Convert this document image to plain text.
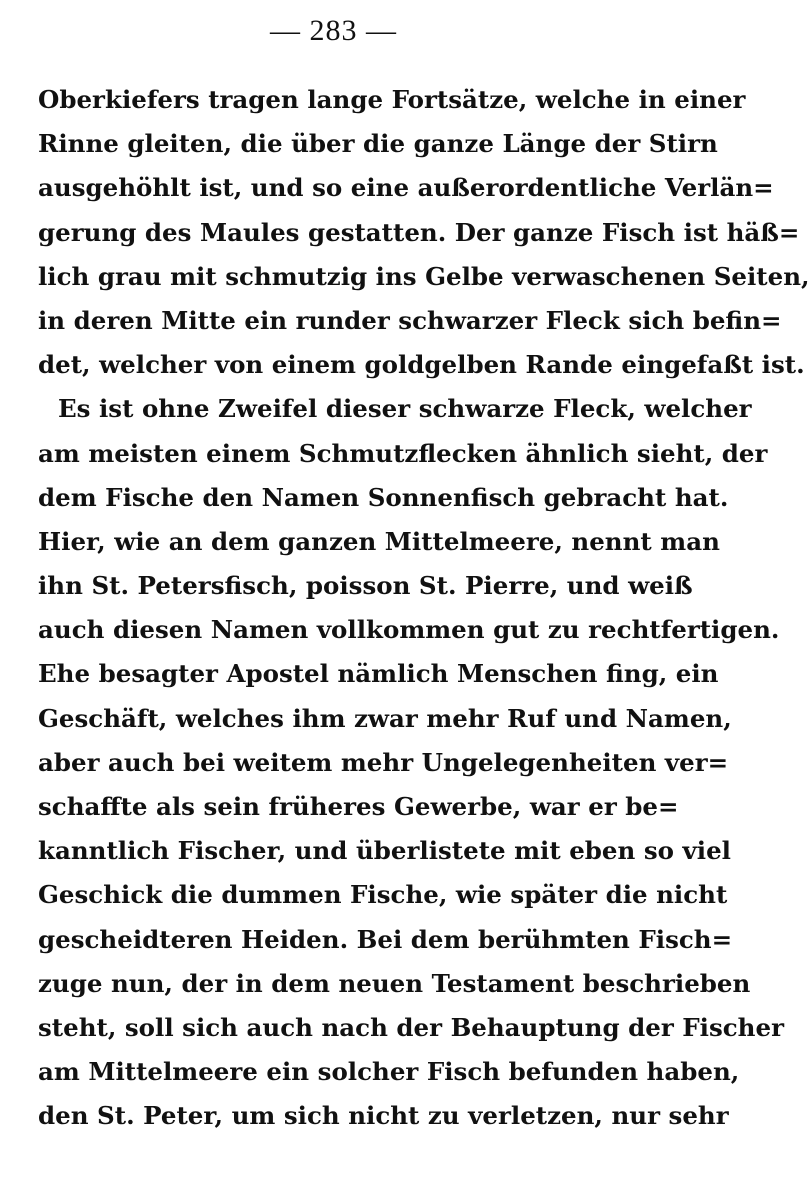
— 283 —
Oberkiefers tragen lange Fortsätze, welche in einer
Rinne gleiten, die über die ganze Länge der Stirn
ausgehöhlt ist, und so eine außerordentliche Verlän=
gerung des Maules gestatten. Der ganze Fisch ist häß=
lich grau mit schmutzig ins Gelbe verwaschenen Seiten,
in deren Mitte ein runder schwarzer Fleck sich befin=
det, welcher von einem goldgelben Rande eingefaßt ist.
Es ist ohne Zweifel dieser schwarze Fleck, welcher
am meisten einem Schmutzflecken ähnlich sieht, der
dem Fische den Namen Sonnenfisch gebracht hat.
Hier, wie an dem ganzen Mittelmeere, nennt man
ihn St. Petersfisch, poisson St. Pierre, und weiß
auch diesen Namen vollkommen gut zu rechtfertigen.
Ehe besagter Apostel nämlich Menschen fing, ein
Geschäft, welches ihm zwar mehr Ruf und Namen,
aber auch bei weitem mehr Ungelegenheiten ver=
schaffte als sein früheres Gewerbe, war er be=
kanntlich Fischer, und überlistete mit eben so viel
Geschick die dummen Fische, wie später die nicht
gescheidteren Heiden. Bei dem berühmten Fisch=
zuge nun, der in dem neuen Testament beschrieben
steht, soll sich auch nach der Behauptung der Fischer
am Mittelmeere ein solcher Fisch befunden haben,
den St. Peter, um sich nicht zu verletzen, nur sehr
